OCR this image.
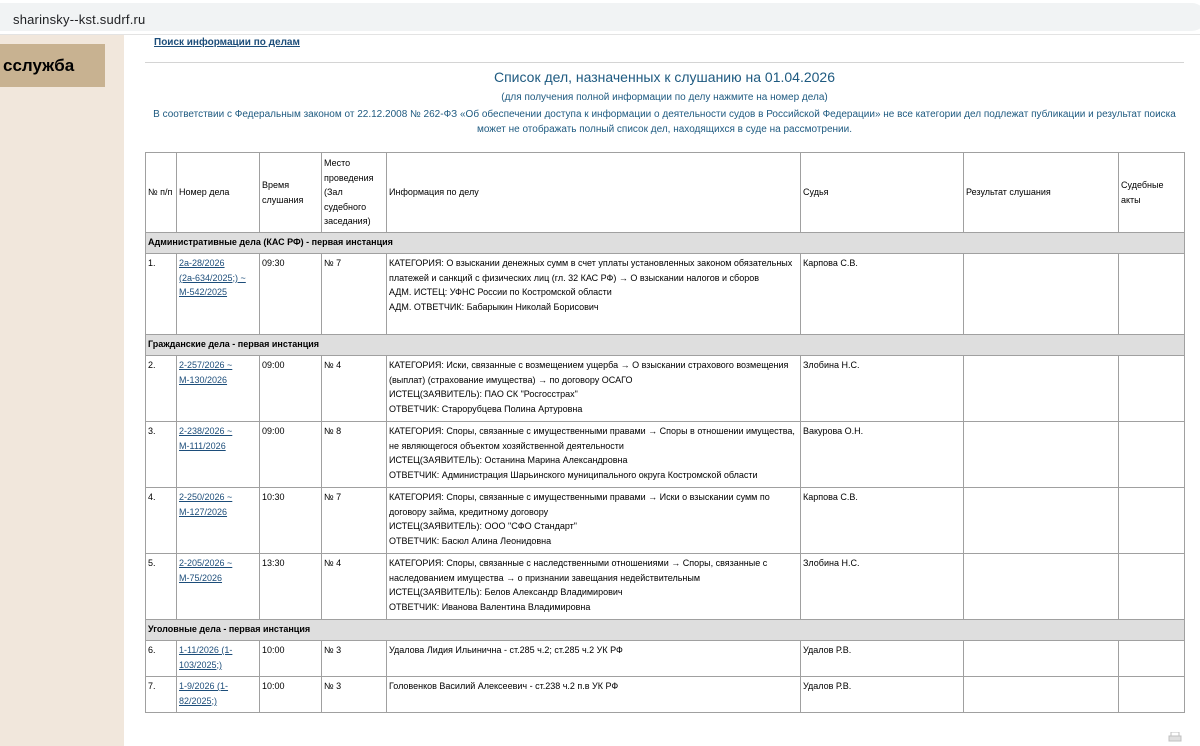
sharinsky--kst.sudrf.ru
сслужба
Поиск информации по делам
Список дел, назначенных к слушанию на 01.04.2026
(для получения полной информации по делу нажмите на номер дела)
В соответствии с Федеральным законом от 22.12.2008 № 262-ФЗ «Об обеспечении доступа к информации о деятельности судов в Российской Федерации» не все категории дел подлежат публикации и результат поиска может не отображать полный список дел, находящихся в суде на рассмотрении.
№ п/п	Номер дела	Время слушания	Место проведения (Зал судебного заседания)	Информация по делу	Судья	Результат слушания	Судебные акты
Административные дела (КАС РФ) - первая инстанция							
1.	2а-28/2026 (2а-634/2025;) ~ М-542/2025	09:30	№ 7	КАТЕГОРИЯ: О взыскании денежных сумм в счет уплаты установленных законом обязательных платежей и санкций с физических лиц (гл. 32 КАС РФ) → О взыскании налогов и сборов
АДМ. ИСТЕЦ: УФНС России по Костромской области
АДМ. ОТВЕТЧИК: Бабарыкин Николай Борисович	Карпова С.В.		
Гражданские дела - первая инстанция							
2.	2-257/2026 ~ М-130/2026	09:00	№ 4	КАТЕГОРИЯ: Иски, связанные с возмещением ущерба → О взыскании страхового возмещения (выплат) (страхование имущества) → по договору ОСАГО
ИСТЕЦ(ЗАЯВИТЕЛЬ): ПАО СК "Росгосстрах"
ОТВЕТЧИК: Старорубцева Полина Артуровна	Злобина Н.С.		
3.	2-238/2026 ~ М-111/2026	09:00	№ 8	КАТЕГОРИЯ: Споры, связанные с имущественными правами → Споры в отношении имущества, не являющегося объектом хозяйственной деятельности
ИСТЕЦ(ЗАЯВИТЕЛЬ): Останина Марина Александровна
ОТВЕТЧИК: Администрация Шарьинского муниципального округа Костромской области	Вакурова О.Н.		
4.	2-250/2026 ~ М-127/2026	10:30	№ 7	КАТЕГОРИЯ: Споры, связанные с имущественными правами → Иски о взыскании сумм по договору займа, кредитному договору
ИСТЕЦ(ЗАЯВИТЕЛЬ): ООО "СФО Стандарт"
ОТВЕТЧИК: Басюл Алина Леонидовна	Карпова С.В.		
5.	2-205/2026 ~ М-75/2026	13:30	№ 4	КАТЕГОРИЯ: Споры, связанные с наследственными отношениями → Споры, связанные с наследованием имущества → о признании завещания недействительным
ИСТЕЦ(ЗАЯВИТЕЛЬ): Белов Александр Владимирович
ОТВЕТЧИК: Иванова Валентина Владимировна	Злобина Н.С.		
Уголовные дела - первая инстанция							
6.	1-11/2026 (1-103/2025;)	10:00	№ 3	Удалова Лидия Ильинична - ст.285 ч.2; ст.285 ч.2 УК РФ	Удалов Р.В.		
7.	1-9/2026 (1-82/2025;)	10:00	№ 3	Головенков Василий Алексеевич - ст.238 ч.2 п.в УК РФ	Удалов Р.В.		
